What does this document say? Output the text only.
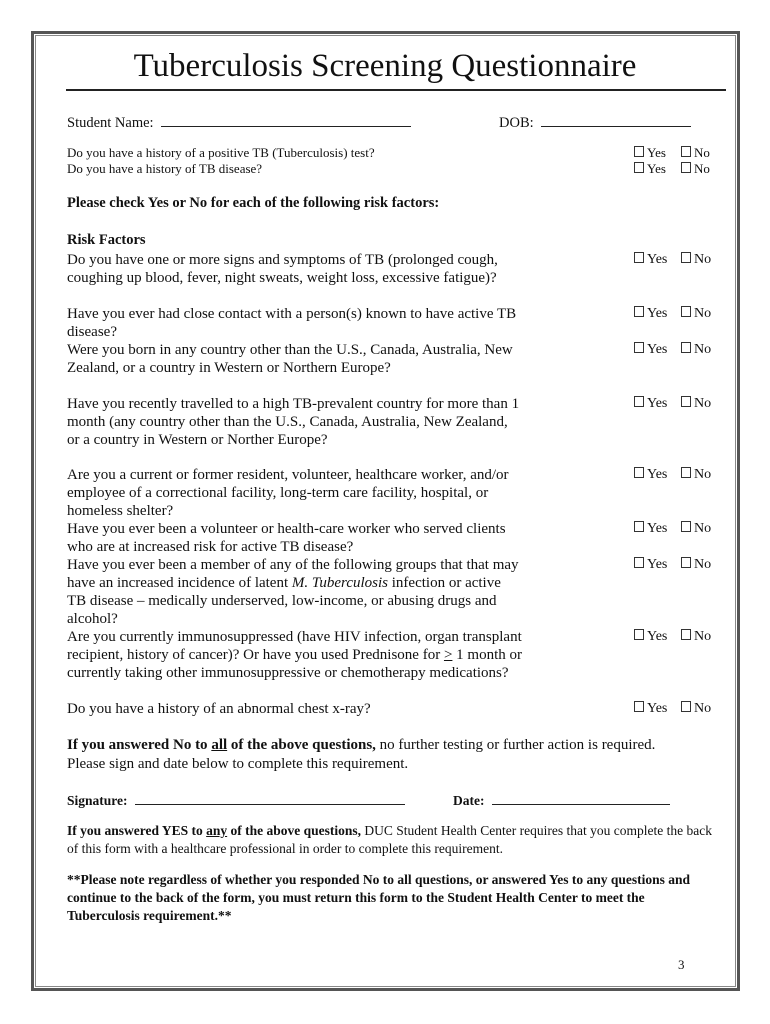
Tuberculosis Screening Questionnaire
Student Name:	DOB:
Do you have a history of a positive TB (Tuberculosis) test?	Yes	No
Do you have a history of TB disease?	Yes	No
Please check Yes or No for each of the following risk factors:
Risk Factors
Do you have one or more signs and symptoms of TB (prolonged cough, coughing up blood, fever, night sweats, weight loss, excessive fatigue)?
Yes	No
Have you ever had close contact with a person(s) known to have active TB disease?
Yes	No
Were you born in any country other than the U.S., Canada, Australia, New Zealand, or a country in Western or Northern Europe?
Yes	No
Have you recently travelled to a high TB-prevalent country for more than 1 month (any country other than the U.S., Canada, Australia, New Zealand, or a country in Western or Norther Europe?
Yes	No
Are you a current or former resident, volunteer, healthcare worker, and/or employee of a correctional facility, long-term care facility, hospital, or homeless shelter?
Yes	No
Have you ever been a volunteer or health-care worker who served clients who are at increased risk for active TB disease?
Yes	No
Have you ever been a member of any of the following groups that that may have an increased incidence of latent M. Tuberculosis infection or active TB disease – medically underserved, low-income, or abusing drugs and alcohol?
Yes	No
Are you currently immunosuppressed (have HIV infection, organ transplant recipient, history of cancer)? Or have you used Prednisone for > 1 month or currently taking other immunosuppressive or chemotherapy medications?
Yes	No
Do you have a history of an abnormal chest x-ray?	Yes	No
If you answered No to all of the above questions, no further testing or further action is required.
Please sign and date below to complete this requirement.
Signature:	Date:
If you answered YES to any of the above questions, DUC Student Health Center requires that you complete the back of this form with a healthcare professional in order to complete this requirement.
**Please note regardless of whether you responded No to all questions, or answered Yes to any questions and continue to the back of the form, you must return this form to the Student Health Center to meet the Tuberculosis requirement.**
3
